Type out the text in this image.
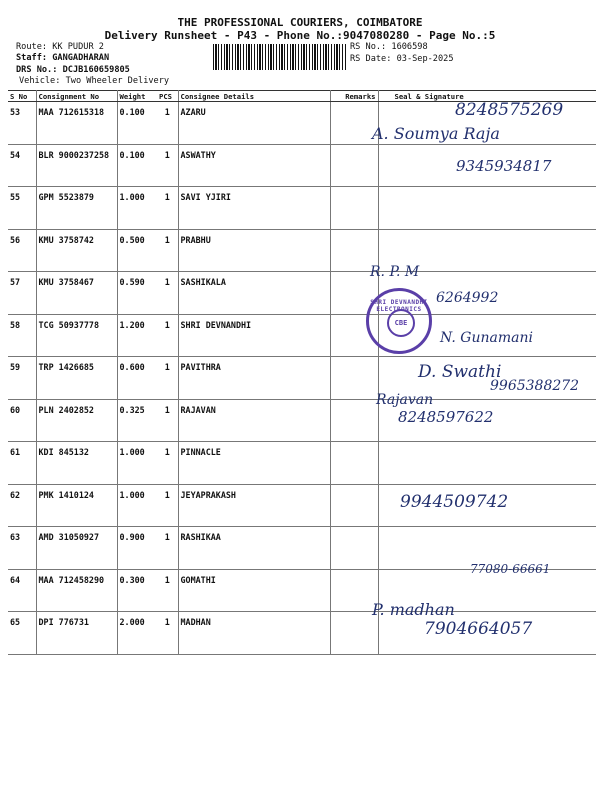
THE PROFESSIONAL COURIERS, COIMBATORE
Delivery Runsheet - P43 - Phone No.:9047080280 - Page No.:5
Route: KK PUDUR 2
Staff: GANGADHARAN
DRS No.: DCJB160659805
Vehicle: Two Wheeler Delivery
RS No.: 1606598
RS Date: 03-Sep-2025
S No	Consignment No	Weight	PCS	Consignee Details	Remarks	Seal & Signature
53	MAA 712615318	0.100	1	AZARU		
54	BLR 9000237258	0.100	1	ASWATHY		
55	GPM 5523879	1.000	1	SAVI YJIRI		
56	KMU 3758742	0.500	1	PRABHU		
57	KMU 3758467	0.590	1	SASHIKALA		
58	TCG 50937778	1.200	1	SHRI DEVNANDHI		
59	TRP 1426685	0.600	1	PAVITHRA		
60	PLN 2402852	0.325	1	RAJAVAN		
61	KDI 845132	1.000	1	PINNACLE		
62	PMK 1410124	1.000	1	JEYAPRAKASH		
63	AMD 31050927	0.900	1	RASHIKAA		
64	MAA 712458290	0.300	1	GOMATHI		
65	DPI 776731	2.000	1	MADHAN		
8248575269
A. Soumya Raja
9345934817
R. P. M
6264992
N. Gunamani
D. Swathi
9965388272
Rajavan
8248597622
9944509742
77080-66661
P. madhan
7904664057
SHRI DEVNANDHI ELECTRONICS
CBE
